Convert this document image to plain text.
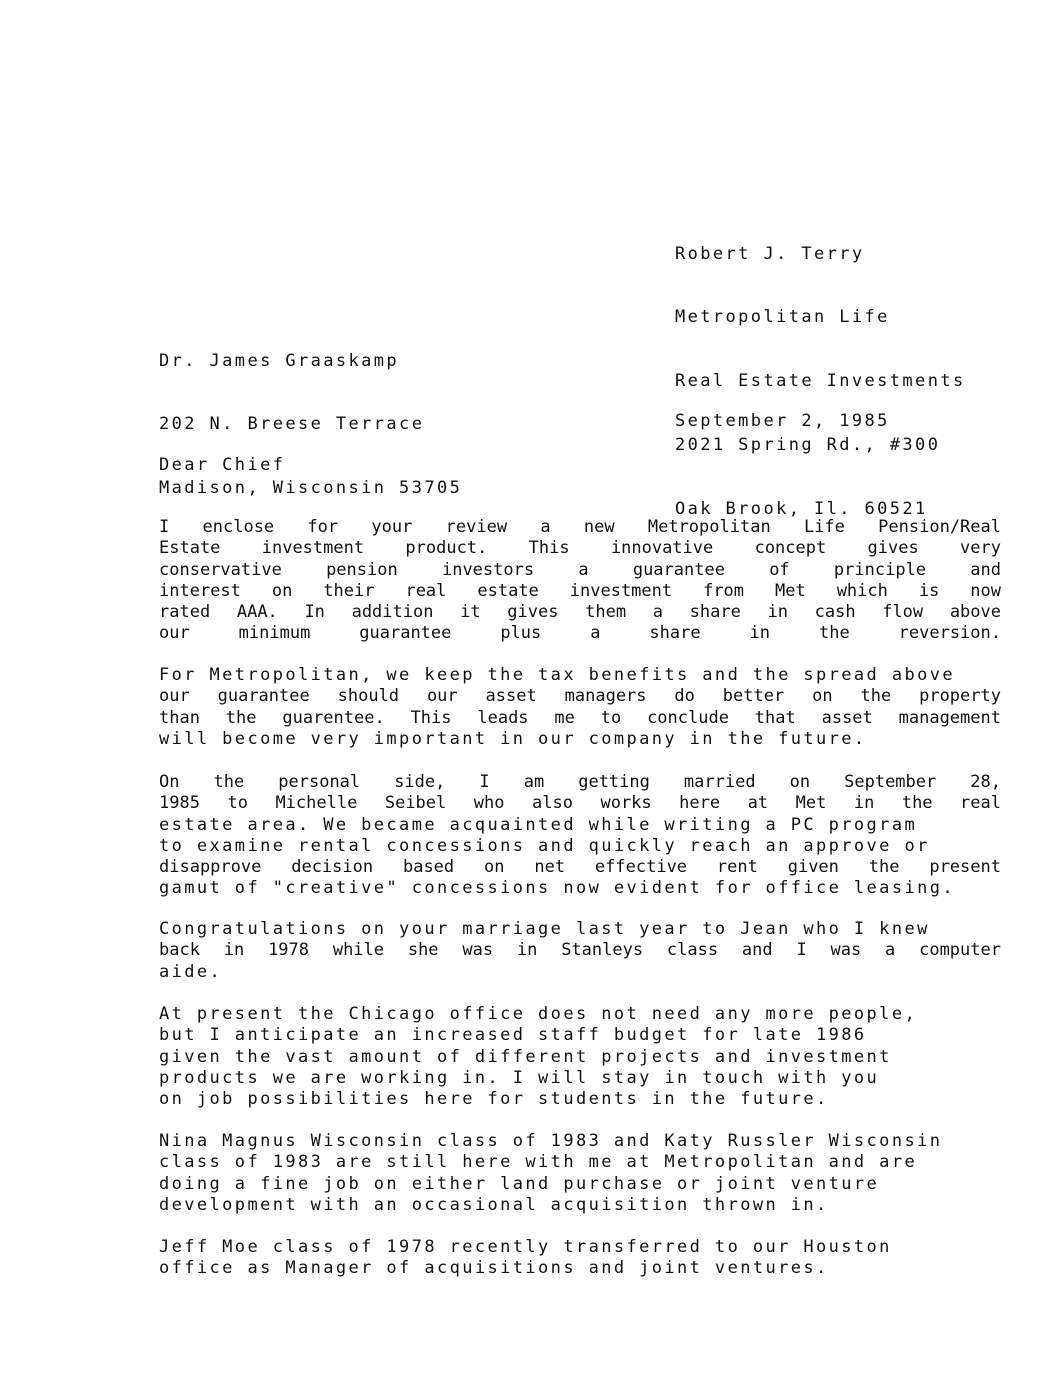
Robert J. Terry

Metropolitan Life

Real Estate Investments

2021 Spring Rd., #300

Oak Brook, Il. 60521

Dr. James Graaskamp

202 N. Breese Terrace

Madison, Wisconsin 53705

September 2, 1985
Dear Chief
I enclose for your review a new Metropolitan Life Pension/Real
Estate investment product. This innovative concept gives very
conservative pension investors a guarantee of principle and
interest on their real estate investment from Met which is now
rated AAA. In addition it gives them a share in cash flow above
our minimum guarantee plus a share in the reversion.
For Metropolitan, we keep the tax benefits and the spread above
our guarantee should our asset managers do better on the property
than the guarentee. This leads me to conclude that asset management
will become very important in our company in the future.
On the personal side, I am getting married on September 28,
1985 to Michelle Seibel who also works here at Met in the real
estate area. We became acquainted while writing a PC program
to examine rental concessions and quickly reach an approve or
disapprove decision based on net effective rent given the present
gamut of "creative" concessions now evident for office leasing.
Congratulations on your marriage last year to Jean who I knew
back in 1978 while she was in Stanleys class and I was a computer
aide.
At present the Chicago office does not need any more people,
but I anticipate an increased staff budget for late 1986
given the vast amount of different projects and investment
products we are working in. I will stay in touch with you
on job possibilities here for students in the future.
Nina Magnus Wisconsin class of 1983 and Katy Russler Wisconsin
class of 1983 are still here with me at Metropolitan and are
doing a fine job on either land purchase or joint venture
development with an occasional acquisition thrown in.
Jeff Moe class of 1978 recently transferred to our Houston
office as Manager of acquisitions and joint ventures.
